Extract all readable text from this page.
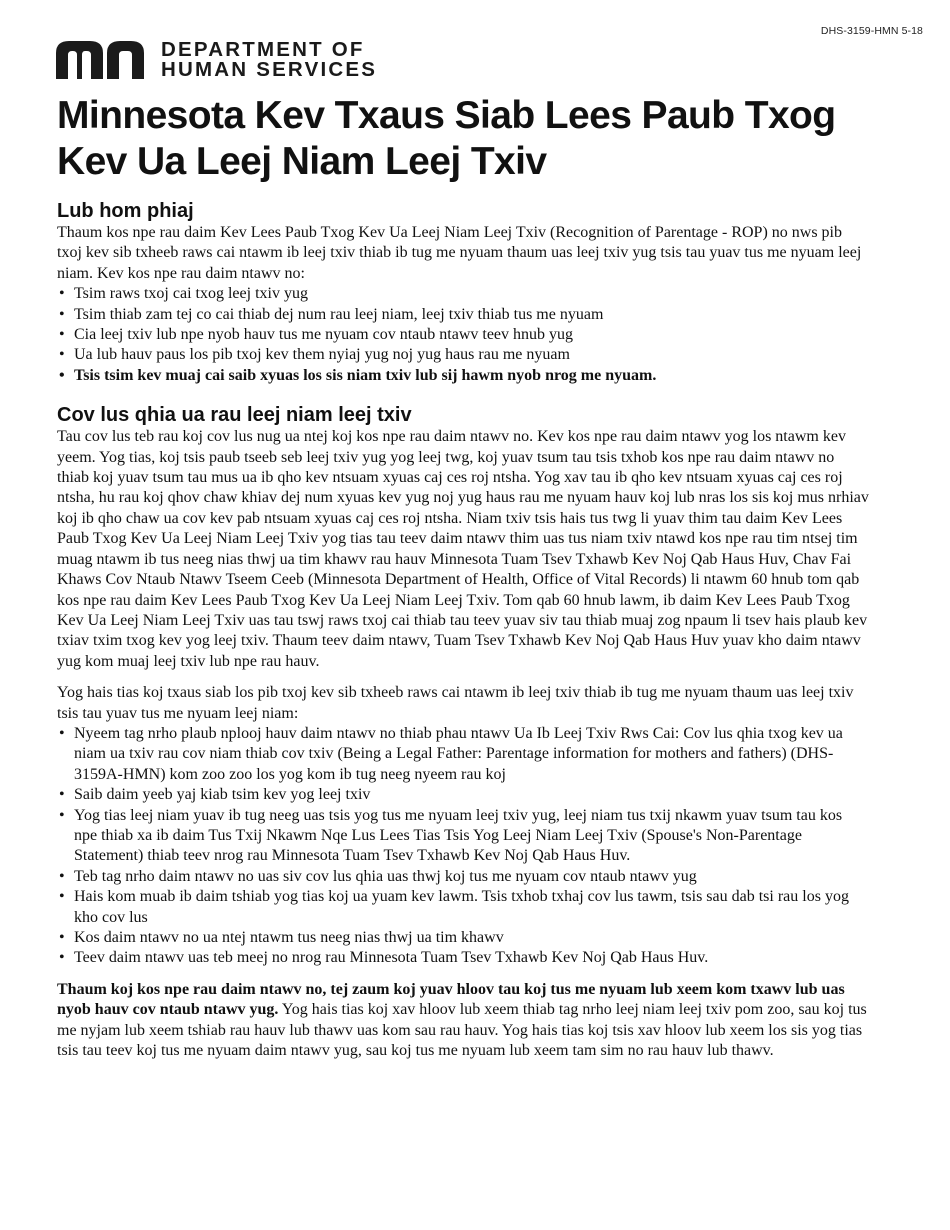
DHS-3159-HMN 5-18
DEPARTMENT OF
HUMAN SERVICES
Minnesota Kev Txaus Siab Lees Paub Txog Kev Ua Leej Niam Leej Txiv
Lub hom phiaj

Thaum kos npe rau daim Kev Lees Paub Txog Kev Ua Leej Niam Leej Txiv (Recognition of Parentage - ROP) no nws pib txoj kev sib txheeb raws cai ntawm ib leej txiv thiab ib tug me nyuam thaum uas leej txiv yug tsis tau yuav tus me nyuam leej niam. Kev kos npe rau daim ntawv no:

• Tsim raws txoj cai txog leej txiv yug
• Tsim thiab zam tej co cai thiab dej num rau leej niam, leej txiv thiab tus me nyuam
• Cia leej txiv lub npe nyob hauv tus me nyuam cov ntaub ntawv teev hnub yug
• Ua lub hauv paus los pib txoj kev them nyiaj yug noj yug haus rau me nyuam
• Tsis tsim kev muaj cai saib xyuas los sis niam txiv lub sij hawm nyob nrog me nyuam.
Cov lus qhia ua rau leej niam leej txiv

Tau cov lus teb rau koj cov lus nug ua ntej koj kos npe rau daim ntawv no. Kev kos npe rau daim ntawv yog los ntawm kev yeem. Yog tias, koj tsis paub tseeb seb leej txiv yug yog leej twg, koj yuav tsum tau tsis txhob kos npe rau daim ntawv no thiab koj yuav tsum tau mus ua ib qho kev ntsuam xyuas caj ces roj ntsha. Yog xav tau ib qho kev ntsuam xyuas caj ces roj ntsha, hu rau koj qhov chaw khiav dej num xyuas kev yug noj yug haus rau me nyuam hauv koj lub nras los sis koj mus nrhiav koj ib qho chaw ua cov kev pab ntsuam xyuas caj ces roj ntsha. Niam txiv tsis hais tus twg li yuav thim tau daim Kev Lees Paub Txog Kev Ua Leej Niam Leej Txiv yog tias tau teev daim ntawv thim uas tus niam txiv ntawd kos npe rau tim ntsej tim muag ntawm ib tus neeg nias thwj ua tim khawv rau hauv Minnesota Tuam Tsev Txhawb Kev Noj Qab Haus Huv, Chav Fai Khaws Cov Ntaub Ntawv Tseem Ceeb (Minnesota Department of Health, Office of Vital Records) li ntawm 60 hnub tom qab kos npe rau daim Kev Lees Paub Txog Kev Ua Leej Niam Leej Txiv. Tom qab 60 hnub lawm, ib daim Kev Lees Paub Txog Kev Ua Leej Niam Leej Txiv uas tau tswj raws txoj cai thiab tau teev yuav siv tau thiab muaj zog npaum li tsev hais plaub kev txiav txim txog kev yog leej txiv. Thaum teev daim ntawv, Tuam Tsev Txhawb Kev Noj Qab Haus Huv yuav kho daim ntawv yug kom muaj leej txiv lub npe rau hauv.

Yog hais tias koj txaus siab los pib txoj kev sib txheeb raws cai ntawm ib leej txiv thiab ib tug me nyuam thaum uas leej txiv tsis tau yuav tus me nyuam leej niam:

• Nyeem tag nrho plaub nplooj hauv daim ntawv no thiab phau ntawv Ua Ib Leej Txiv Rws Cai: Cov lus qhia txog kev ua niam ua txiv rau cov niam thiab cov txiv (Being a Legal Father: Parentage information for mothers and fathers) (DHS-3159A-HMN) kom zoo zoo los yog kom ib tug neeg nyeem rau koj
• Saib daim yeeb yaj kiab tsim kev yog leej txiv
• Yog tias leej niam yuav ib tug neeg uas tsis yog tus me nyuam leej txiv yug, leej niam tus txij nkawm yuav tsum tau kos npe thiab xa ib daim Tus Txij Nkawm Nqe Lus Lees Tias Tsis Yog Leej Niam Leej Txiv (Spouse's Non-Parentage Statement) thiab teev nrog rau Minnesota Tuam Tsev Txhawb Kev Noj Qab Haus Huv.
• Teb tag nrho daim ntawv no uas siv cov lus qhia uas thwj koj tus me nyuam cov ntaub ntawv yug
• Hais kom muab ib daim tshiab yog tias koj ua yuam kev lawm. Tsis txhob txhaj cov lus tawm, tsis sau dab tsi rau los yog kho cov lus
• Kos daim ntawv no ua ntej ntawm tus neeg nias thwj ua tim khawv
• Teev daim ntawv uas teb meej no nrog rau Minnesota Tuam Tsev Txhawb Kev Noj Qab Haus Huv.

Thaum koj kos npe rau daim ntawv no, tej zaum koj yuav hloov tau koj tus me nyuam lub xeem kom txawv lub uas nyob hauv cov ntaub ntawv yug. Yog hais tias koj xav hloov lub xeem thiab tag nrho leej niam leej txiv pom zoo, sau koj tus me nyjam lub xeem tshiab rau hauv lub thawv uas kom sau rau hauv. Yog hais tias koj tsis xav hloov lub xeem los sis yog tias tsis tau teev koj tus me nyuam daim ntawv yug, sau koj tus me nyuam lub xeem tam sim no rau hauv lub thawv.
